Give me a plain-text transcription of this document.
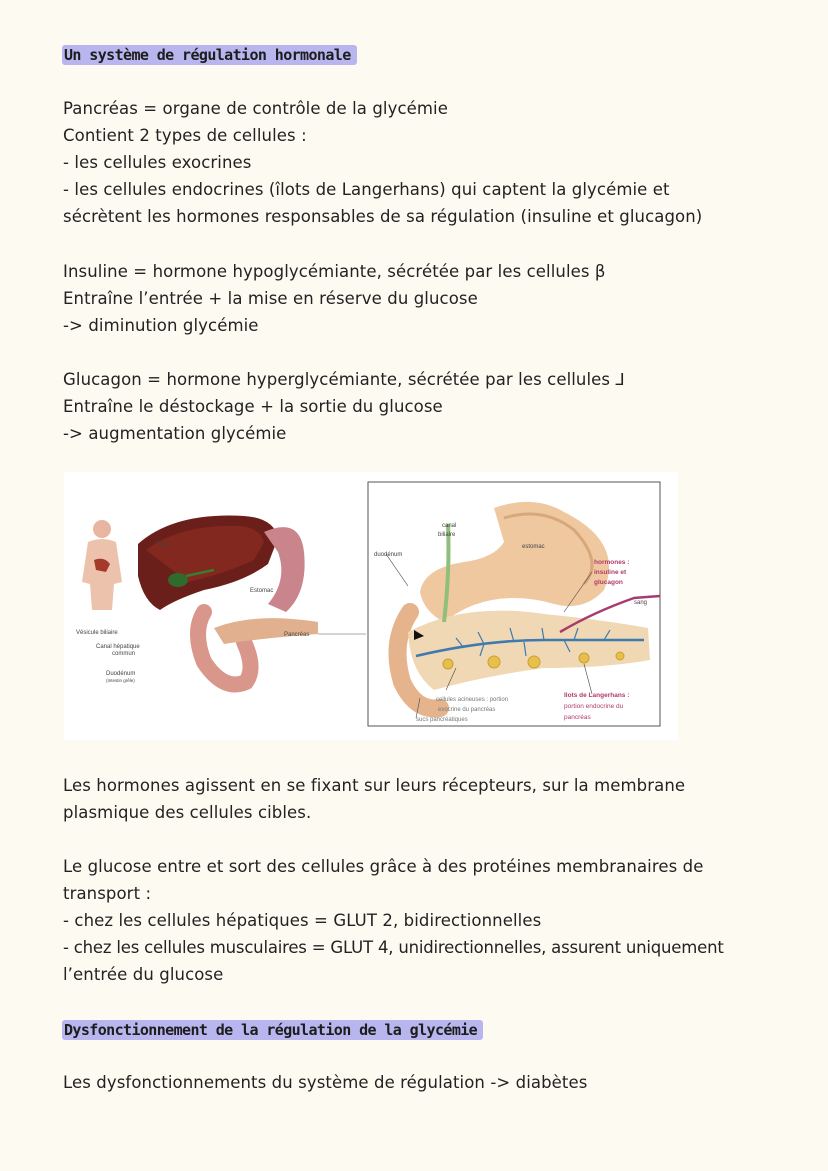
Un système de régulation hormonale
Pancréas = organe de contrôle de la glycémie
Contient 2 types de cellules :
- les cellules exocrines
- les cellules endocrines (îlots de Langerhans) qui captent la glycémie et
sécrètent les hormones responsables de sa régulation (insuline et glucagon)
Insuline = hormone hypoglycémiante, sécrétée par les cellules β
Entraîne l’entrée + la mise en réserve du glucose
-> diminution glycémie
Glucagon = hormone hyperglycémiante, sécrétée par les cellules ⅃
Entraîne le déstockage + la sortie du glucose
-> augmentation glycémie
Foie
Estomac
Vésicule biliaire
Canal hépatique
commun
Pancréas
Duodénum
(Intestin grêle)
canal
biliaire
duodénum
estomac
hormones :
insuline et
glucagon
sang
cellules acineuses : portion
exocrine du pancréas
sucs pancréatiques
Ilots de Langerhans :
portion endocrine du
pancréas
Les hormones agissent en se fixant sur leurs récepteurs, sur la membrane
plasmique des cellules cibles.
Le glucose entre et sort des cellules grâce à des protéines membranaires de
transport :
- chez les cellules hépatiques = GLUT 2, bidirectionnelles
- chez les cellules musculaires = GLUT 4, unidirectionnelles, assurent uniquement
l’entrée du glucose
Dysfonctionnement de la régulation de la glycémie
Les dysfonctionnements du système de régulation -> diabètes
